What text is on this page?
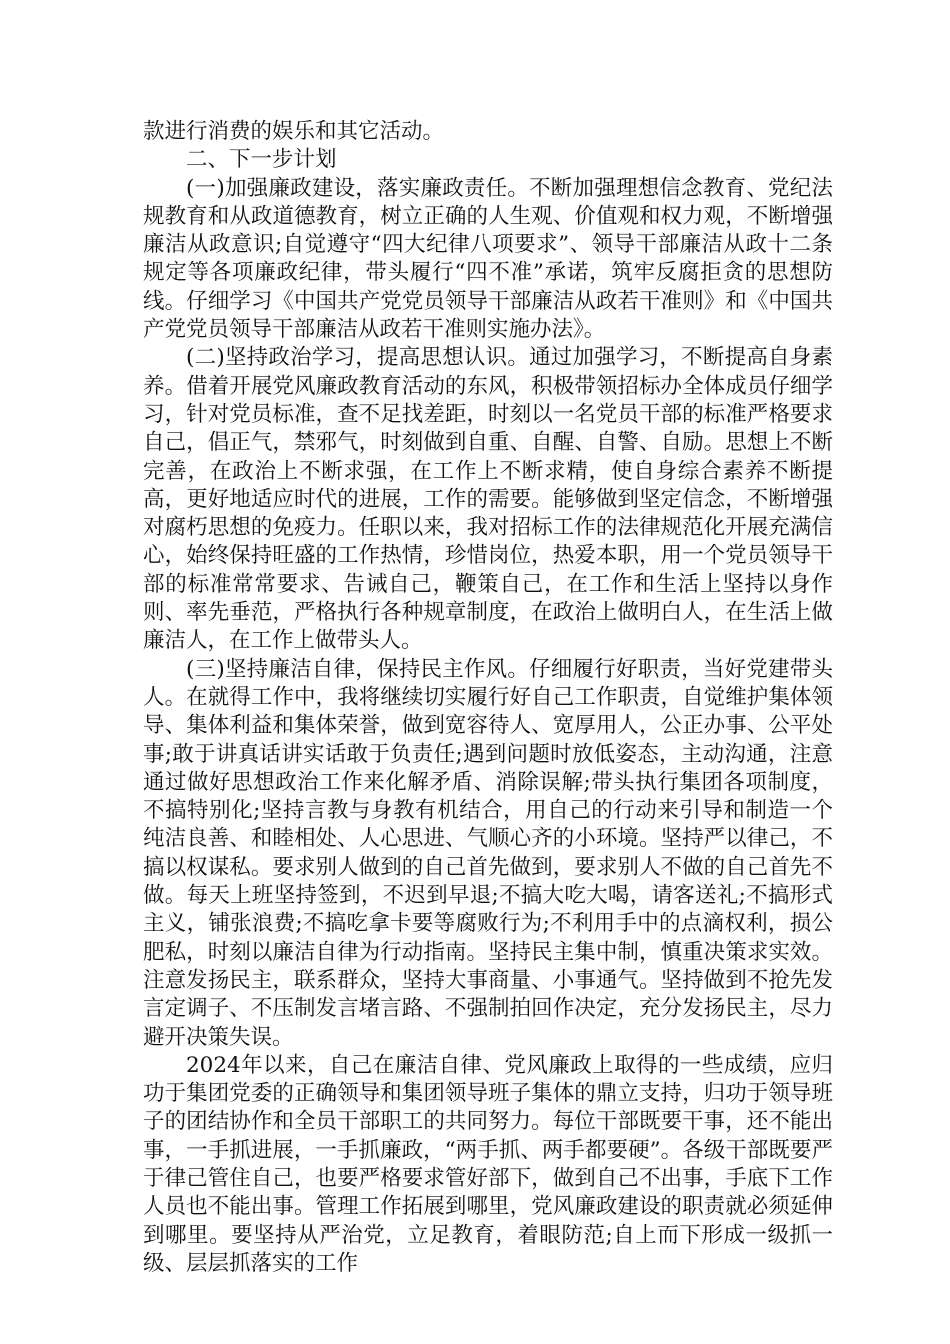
款进行消费的娱乐和其它活动。

二、下一步计划

(一)加强廉政建设，落实廉政责任。不断加强理想信念教育、党纪法规教育和从政道德教育，树立正确的人生观、价值观和权力观，不断增强廉洁从政意识;自觉遵守“四大纪律八项要求”、领导干部廉洁从政十二条规定等各项廉政纪律，带头履行“四不准”承诺，筑牢反腐拒贪的思想防线。仔细学习《中国共产党党员领导干部廉洁从政若干准则》和《中国共产党党员领导干部廉洁从政若干准则实施办法》。

(二)坚持政治学习，提高思想认识。通过加强学习，不断提高自身素养。借着开展党风廉政教育活动的东风，积极带领招标办全体成员仔细学习，针对党员标准，查不足找差距，时刻以一名党员干部的标准严格要求自己，倡正气，禁邪气，时刻做到自重、自醒、自警、自励。思想上不断完善，在政治上不断求强，在工作上不断求精，使自身综合素养不断提高，更好地适应时代的进展，工作的需要。能够做到坚定信念，不断增强对腐朽思想的免疫力。任职以来，我对招标工作的法律规范化开展充满信心，始终保持旺盛的工作热情，珍惜岗位，热爱本职，用一个党员领导干部的标准常常要求、告诫自己，鞭策自己，在工作和生活上坚持以身作则、率先垂范，严格执行各种规章制度，在政治上做明白人，在生活上做廉洁人，在工作上做带头人。

(三)坚持廉洁自律，保持民主作风。仔细履行好职责，当好党建带头人。在就得工作中，我将继续切实履行好自己工作职责，自觉维护集体领导、集体利益和集体荣誉，做到宽容待人、宽厚用人，公正办事、公平处事;敢于讲真话讲实话敢于负责任;遇到问题时放低姿态，主动沟通，注意通过做好思想政治工作来化解矛盾、消除误解;带头执行集团各项制度，不搞特别化;坚持言教与身教有机结合，用自己的行动来引导和制造一个纯洁良善、和睦相处、人心思进、气顺心齐的小环境。坚持严以律己，不搞以权谋私。要求别人做到的自己首先做到，要求别人不做的自己首先不做。每天上班坚持签到，不迟到早退;不搞大吃大喝，请客送礼;不搞形式主义，铺张浪费;不搞吃拿卡要等腐败行为;不利用手中的点滴权利，损公肥私，时刻以廉洁自律为行动指南。坚持民主集中制，慎重决策求实效。注意发扬民主，联系群众，坚持大事商量、小事通气。坚持做到不抢先发言定调子、不压制发言堵言路、不强制拍回作决定，充分发扬民主，尽力避开决策失误。

2024年以来，自己在廉洁自律、党风廉政上取得的一些成绩，应归功于集团党委的正确领导和集团领导班子集体的鼎立支持，归功于领导班子的团结协作和全员干部职工的共同努力。每位干部既要干事，还不能出事，一手抓进展，一手抓廉政，“两手抓、两手都要硬”。各级干部既要严于律己管住自己，也要严格要求管好部下，做到自己不出事，手底下工作人员也不能出事。管理工作拓展到哪里，党风廉政建设的职责就必须延伸到哪里。要坚持从严治党，立足教育，着眼防范;自上而下形成一级抓一级、层层抓落实的工作
